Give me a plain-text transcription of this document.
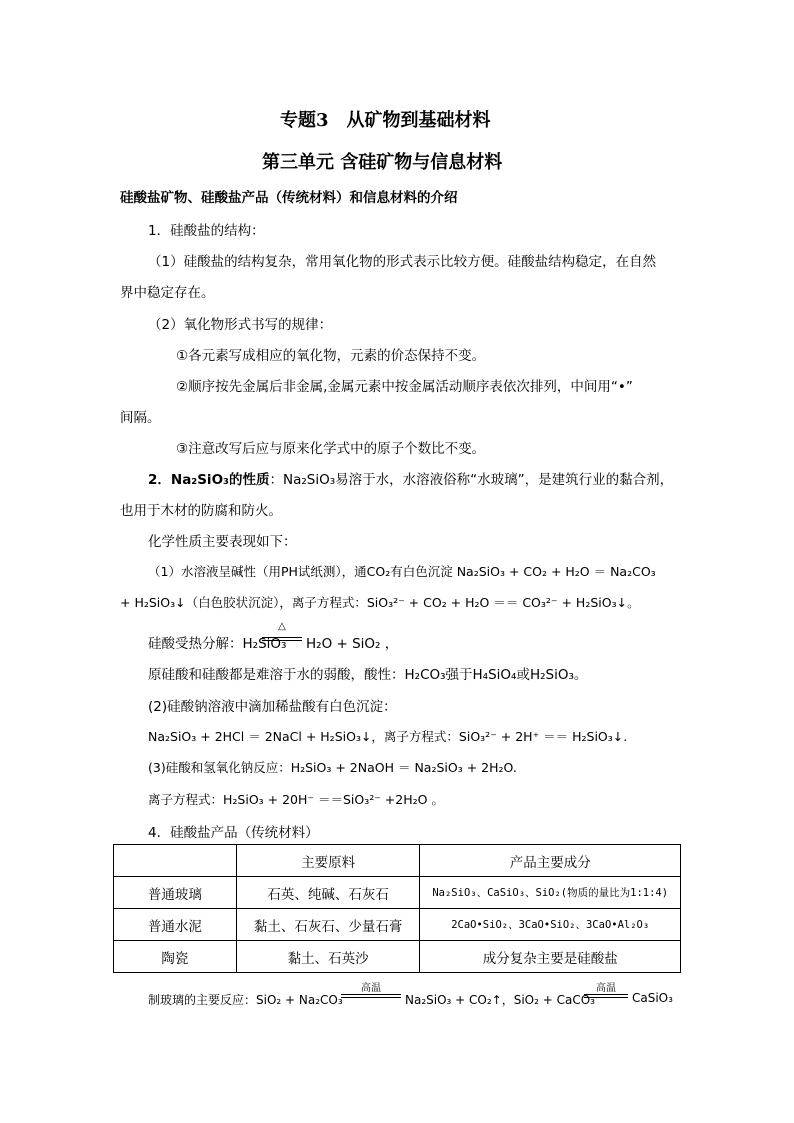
专题3　从矿物到基础材料
第三单元 含硅矿物与信息材料
硅酸盐矿物、硅酸盐产品（传统材料）和信息材料的介绍
1．硅酸盐的结构：
（1）硅酸盐的结构复杂，常用氧化物的形式表示比较方便。硅酸盐结构稳定，在自然
界中稳定存在。
（2）氧化物形式书写的规律：
①各元素写成相应的氧化物，元素的价态保持不变。
②顺序按先金属后非金属,金属元素中按金属活动顺序表依次排列，中间用“•”
间隔。
③注意改写后应与原来化学式中的原子个数比不变。
2．Na₂SiO₃的性质：Na₂SiO₃易溶于水，水溶液俗称“水玻璃”，是建筑行业的黏合剂，
也用于木材的防腐和防火。
化学性质主要表现如下：
（1）水溶液呈碱性（用PH试纸测），通CO₂有白色沉淀 Na₂SiO₃ + CO₂ + H₂O ＝ Na₂CO₃
+ H₂SiO₃↓（白色胶状沉淀），离子方程式：SiO₃²⁻ + CO₂ + H₂O ＝＝ CO₃²⁻ + H₂SiO₃↓。
硅酸受热分解：H₂SiO₃
△
H₂O + SiO₂ ，
原硅酸和硅酸都是难溶于水的弱酸，酸性：H₂CO₃强于H₄SiO₄或H₂SiO₃。
(2)硅酸钠溶液中滴加稀盐酸有白色沉淀：
Na₂SiO₃ + 2HCl ＝ 2NaCl + H₂SiO₃↓，离子方程式：SiO₃²⁻ + 2H⁺ ＝＝ H₂SiO₃↓.
(3)硅酸和氢氧化钠反应：H₂SiO₃ + 2NaOH ＝ Na₂SiO₃ + 2H₂O.
离子方程式：H₂SiO₃ + 20H⁻ ＝＝SiO₃²⁻ +2H₂O 。
4．硅酸盐产品（传统材料）
	主要原料	产品主要成分
普通玻璃	石英、纯碱、石灰石	Na₂SiO₃、CaSiO₃、SiO₂(物质的量比为1:1:4)
普通水泥	黏土、石灰石、少量石膏	2CaO•SiO₂、3CaO•SiO₂、3CaO•Al₂O₃
陶瓷	黏土、石英沙	成分复杂主要是硅酸盐
制玻璃的主要反应：SiO₂ + Na₂CO₃
高温
Na₂SiO₃ + CO₂↑，SiO₂ + CaCO₃
高温
CaSiO₃
